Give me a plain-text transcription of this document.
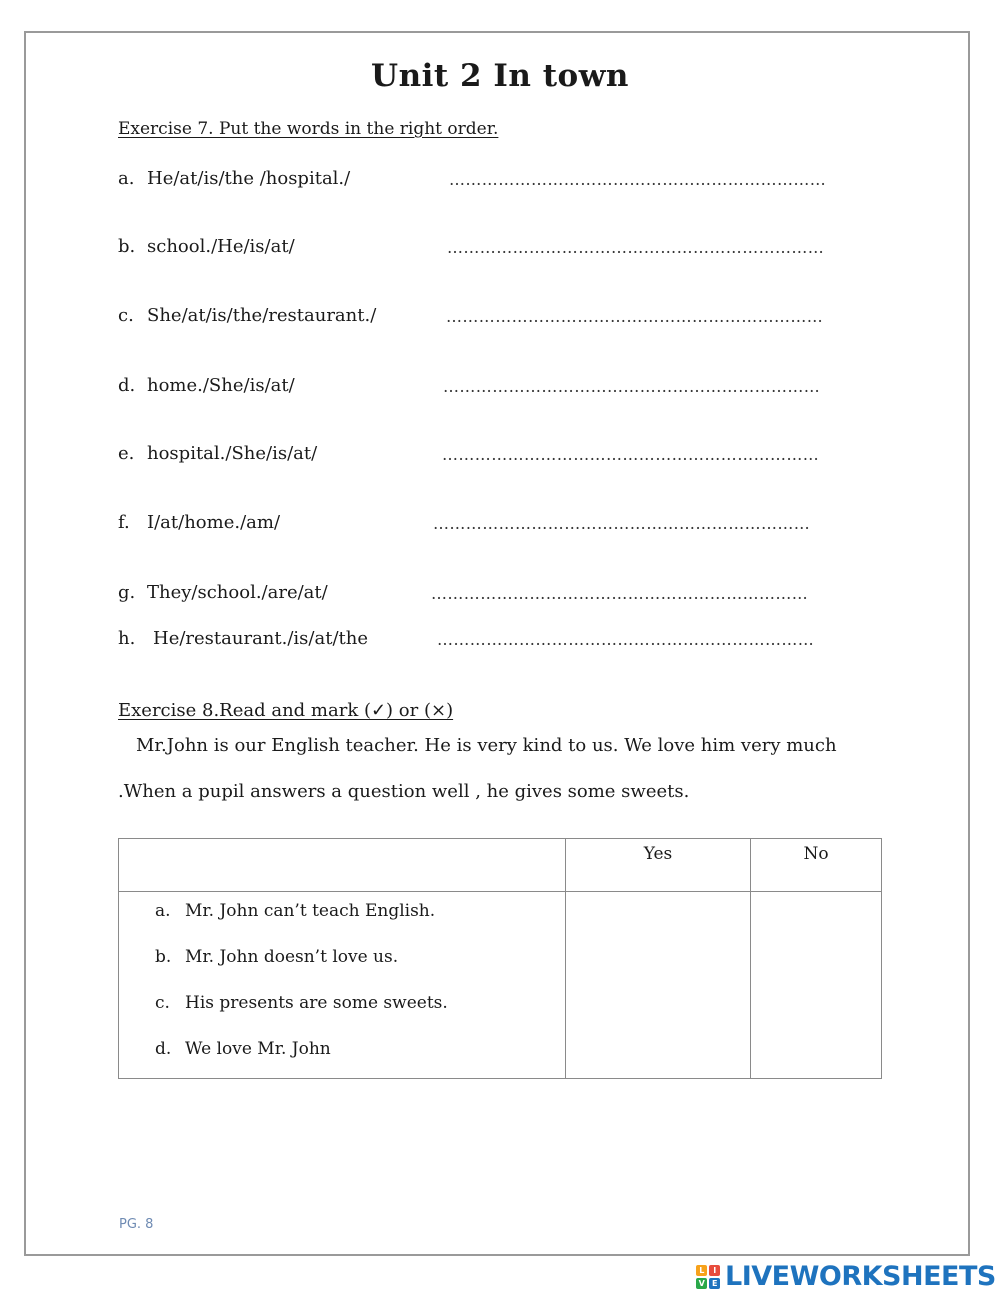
Unit 2 In town
Exercise 7. Put the words in the right order.
a. He/at/is/the /hospital./	……………………………………………………………
b. school./He/is/at/	……………………………………………………………
c. She/at/is/the/restaurant./	……………………………………………………………
d. home./She/is/at/	……………………………………………………………
e. hospital./She/is/at/	……………………………………………………………
f. I/at/home./am/	……………………………………………………………
g. They/school./are/at/	……………………………………………………………
h. He/restaurant./is/at/the	……………………………………………………………
Exercise 8.Read and mark (✓) or (×)
Mr.John is our English teacher. He is very kind to us. We love him very much
.When a pupil answers a question well , he gives some sweets.
	Yes	No

a. Mr. John can’t teach English.
b. Mr. John doesn’t love us.
c. His presents are some sweets.
d. We love Mr. John		

PG. 8
L	I
V E LIVEWORKSHEETS
